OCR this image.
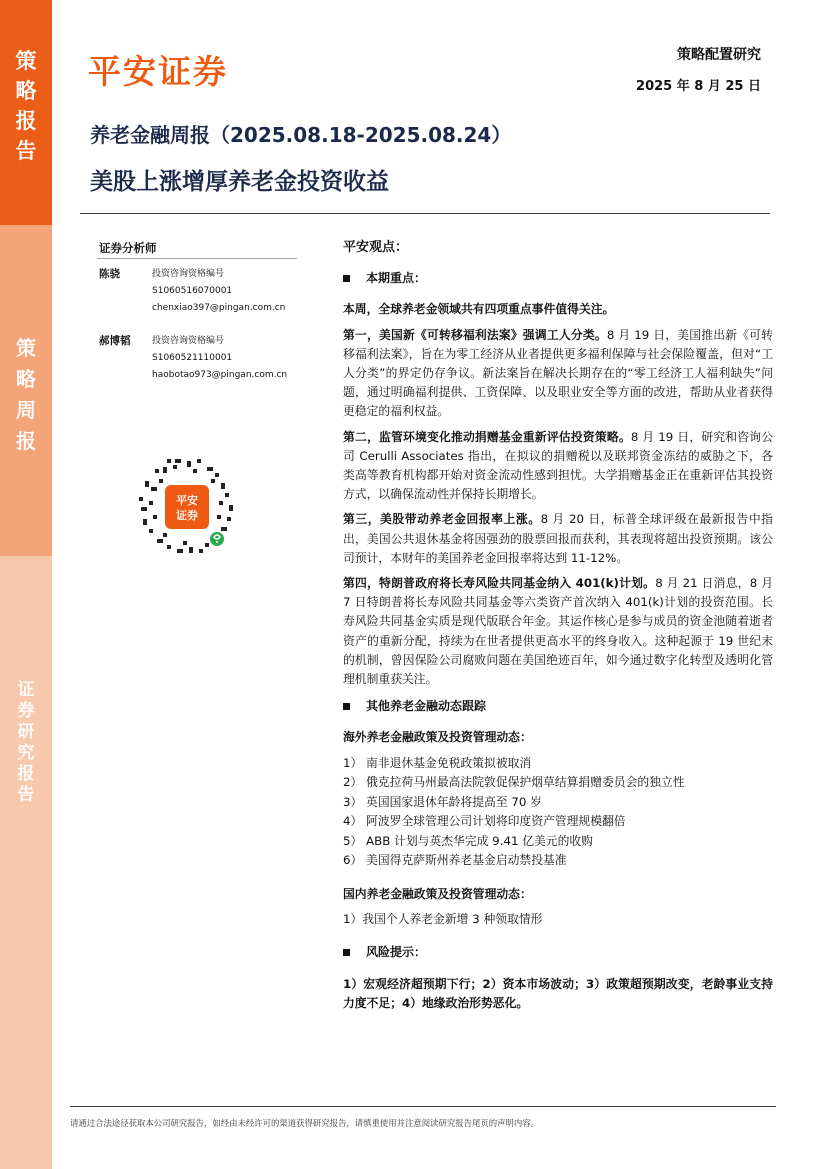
策
略
报
告
策
略
周
报
证
券
研
究
报
告
平安证券	策略配置研究
2025 年 8 月 25 日
养老金融周报（2025.08.18-2025.08.24）
美股上涨增厚养老金投资收益
证券分析师
陈骁	投资咨询资格编号
S1060516070001
chenxiao397@pingan.com.cn
郝博韬	投资咨询资格编号
S1060521110001
haobotao973@pingan.com.cn
平安
证券

平安观点：

本期重点：

本周，全球养老金领域共有四项重点事件值得关注。

第一，美国新《可转移福利法案》强调工人分类。8 月 19 日，美国推出新《可转移福利法案》，旨在为零工经济从业者提供更多福利保障与社会保险覆盖，但对“工人分类”的界定仍存争议。新法案旨在解决长期存在的“零工经济工人福利缺失”问题，通过明确福利提供、工资保障、以及职业安全等方面的改进，帮助从业者获得更稳定的福利权益。

第二，监管环境变化推动捐赠基金重新评估投资策略。8 月 19 日，研究和咨询公司 Cerulli Associates 指出，在拟议的捐赠税以及联邦资金冻结的威胁之下，各类高等教育机构都开始对资金流动性感到担忧。大学捐赠基金正在重新评估其投资方式，以确保流动性并保持长期增长。

第三，美股带动养老金回报率上涨。8 月 20 日，标普全球评级在最新报告中指出，美国公共退休基金将因强劲的股票回报而获利，其表现将超出投资预期。该公司预计，本财年的美国养老金回报率将达到 11-12%。

第四，特朗普政府将长寿风险共同基金纳入 401(k)计划。8 月 21 日消息，8 月 7 日特朗普将长寿风险共同基金等六类资产首次纳入 401(k)计划的投资范围。长寿风险共同基金实质是现代版联合年金。其运作核心是参与成员的资金池随着逝者资产的重新分配，持续为在世者提供更高水平的终身收入。这种起源于 19 世纪末的机制，曾因保险公司腐败问题在美国绝迹百年，如今通过数字化转型及透明化管理机制重获关注。

其他养老金融动态跟踪

海外养老金融政策及投资管理动态：

1） 南非退休基金免税政策拟被取消

2） 俄克拉荷马州最高法院敦促保护烟草结算捐赠委员会的独立性

3） 英国国家退休年龄将提高至 70 岁

4） 阿波罗全球管理公司计划将印度资产管理规模翻倍

5） ABB 计划与英杰华完成 9.41 亿美元的收购

6） 美国得克萨斯州养老基金启动禁投基准

国内养老金融政策及投资管理动态：

1）我国个人养老金新增 3 种领取情形

风险提示：

1）宏观经济超预期下行；2）资本市场波动；3）政策超预期改变，老龄事业支持力度不足；4）地缘政治形势恶化。

请通过合法途径获取本公司研究报告，如经由未经许可的渠道获得研究报告，请慎重使用并注意阅读研究报告尾页的声明内容。
